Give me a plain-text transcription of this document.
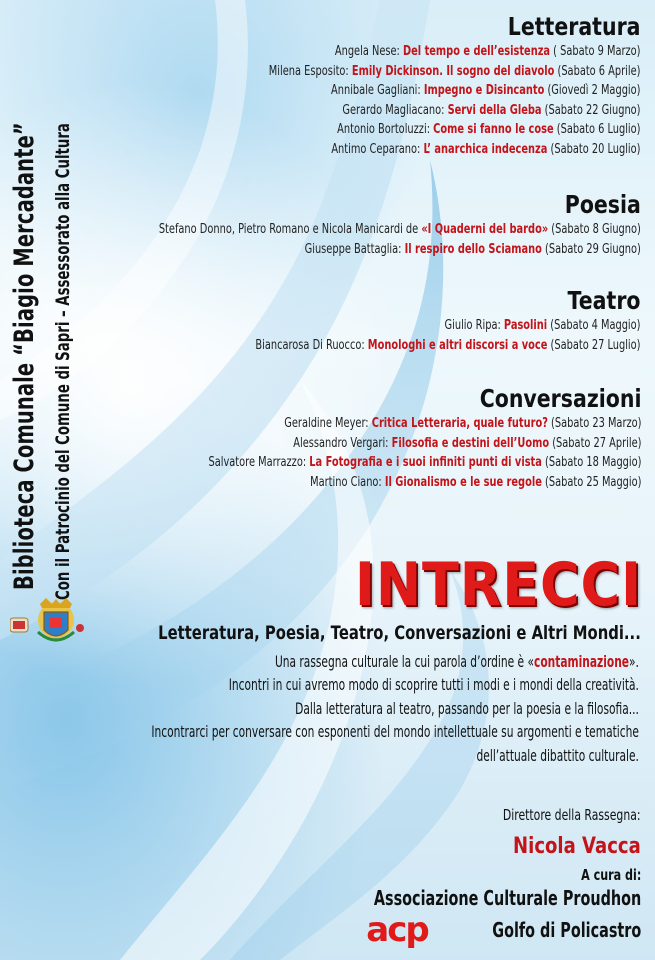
Biblioteca Comunale “Biagio Mercadante” Con il Patrocinio del Comune di Sapri – Assessorato alla Cultura
Letteratura
Angela Nese: Del tempo e dell’esistenza ( Sabato 9 Marzo)
Milena Esposito: Emily Dickinson. Il sogno del diavolo (Sabato 6 Aprile)
Annibale Gagliani: Impegno e Disincanto (Giovedì 2 Maggio)
Gerardo Magliacano: Servi della Gleba (Sabato 22 Giugno)
Antonio Bortoluzzi: Come si fanno le cose (Sabato 6 Luglio)
Antimo Ceparano: L’ anarchica indecenza (Sabato 20 Luglio)
Poesia
Stefano Donno, Pietro Romano e Nicola Manicardi de «I Quaderni del bardo» (Sabato 8 Giugno)
Giuseppe Battaglia: Il respiro dello Sciamano (Sabato 29 Giugno)
Teatro
Giulio Ripa: Pasolini (Sabato 4 Maggio)
Biancarosa Di Ruocco: Monologhi e altri discorsi a voce (Sabato 27 Luglio)
Conversazioni
Geraldine Meyer: Critica Letteraria, quale futuro? (Sabato 23 Marzo)
Alessandro Vergari: Filosofia e destini dell’Uomo (Sabato 27 Aprile)
Salvatore Marrazzo: La Fotografia e i suoi infiniti punti di vista (Sabato 18 Maggio)
Martino Ciano: Il Gionalismo e le sue regole (Sabato 25 Maggio)
INTRECCI
Letteratura, Poesia, Teatro, Conversazioni e Altri Mondi...
Una rassegna culturale la cui parola d’ordine è «contaminazione».
Incontri in cui avremo modo di scoprire tutti i modi e i mondi della creatività.
Dalla letteratura al teatro, passando per la poesia e la filosofia...
Incontrarci per conversare con esponenti del mondo intellettuale su argomenti e tematiche
dell’attuale dibattito culturale.
Direttore della Rassegna:
Nicola Vacca
A cura di:
Associazione Culturale Proudhon
acp	Golfo di Policastro
